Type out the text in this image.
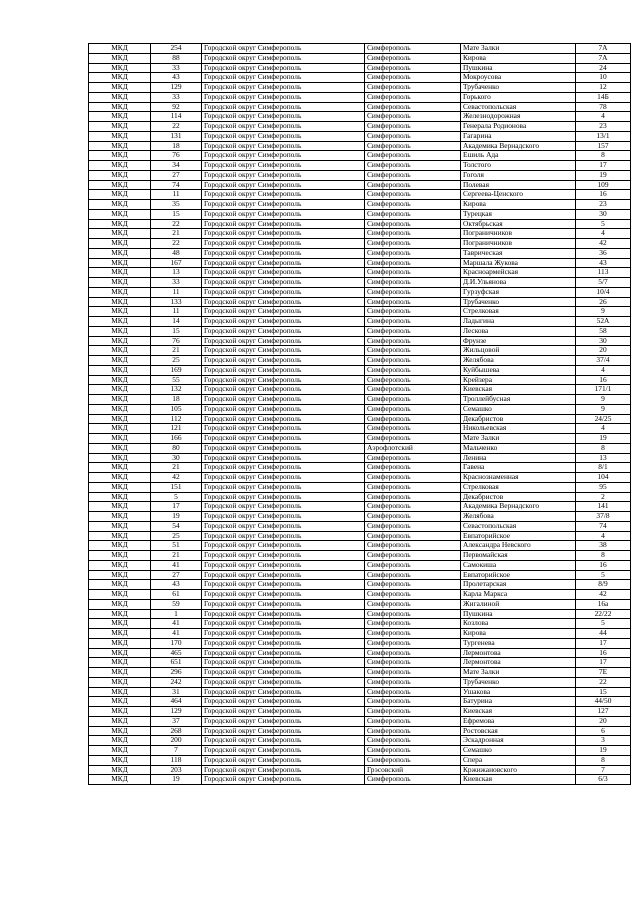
МКД	254	Городской округ Симферополь	Симферополь	Мате Залки	7А
МКД	88	Городской округ Симферополь	Симферополь	Кирова	7А
МКД	33	Городской округ Симферополь	Симферополь	Пушкина	24
МКД	43	Городской округ Симферополь	Симферополь	Мокроусова	10
МКД	129	Городской округ Симферополь	Симферополь	Трубаченко	12
МКД	33	Городской округ Симферополь	Симферополь	Горького	14Б
МКД	92	Городской округ Симферополь	Симферополь	Севастопольская	78
МКД	114	Городской округ Симферополь	Симферополь	Железнодорожная	4
МКД	22	Городской округ Симферополь	Симферополь	Генерала Родионова	23
МКД	131	Городской округ Симферополь	Симферополь	Гагарина	13/1
МКД	18	Городской округ Симферополь	Симферополь	Академика Вернадского	157
МКД	76	Городской округ Симферополь	Симферополь	Ешиль Ада	8
МКД	34	Городской округ Симферополь	Симферополь	Толстого	17
МКД	27	Городской округ Симферополь	Симферополь	Гоголя	19
МКД	74	Городской округ Симферополь	Симферополь	Полевая	109
МКД	11	Городской округ Симферополь	Симферополь	Сергеева-Ценского	16
МКД	35	Городской округ Симферополь	Симферополь	Кирова	23
МКД	15	Городской округ Симферополь	Симферополь	Турецкая	30
МКД	22	Городской округ Симферополь	Симферополь	Октябрьская	5
МКД	21	Городской округ Симферополь	Симферополь	Пограничников	4
МКД	22	Городской округ Симферополь	Симферополь	Пограничников	42
МКД	48	Городской округ Симферополь	Симферополь	Таврическая	36
МКД	167	Городской округ Симферополь	Симферополь	Маршала Жукова	43
МКД	13	Городской округ Симферополь	Симферополь	Красноармейская	113
МКД	33	Городской округ Симферополь	Симферополь	Д.И.Ульянова	5/7
МКД	11	Городской округ Симферополь	Симферополь	Гурзуфская	10/4
МКД	133	Городской округ Симферополь	Симферополь	Трубаченко	26
МКД	11	Городской округ Симферополь	Симферополь	Стрелковая	9
МКД	14	Городской округ Симферополь	Симферополь	Ладыгина	52А
МКД	15	Городской округ Симферополь	Симферополь	Лескова	58
МКД	76	Городской округ Симферополь	Симферополь	Фрунзе	30
МКД	21	Городской округ Симферополь	Симферополь	Жильцовой	20
МКД	25	Городской округ Симферополь	Симферополь	Желябова	37/4
МКД	169	Городской округ Симферополь	Симферополь	Куйбышева	4
МКД	55	Городской округ Симферополь	Симферополь	Крейзера	16
МКД	132	Городской округ Симферополь	Симферополь	Киевская	171/1
МКД	18	Городской округ Симферополь	Симферополь	Троллейбусная	9
МКД	105	Городской округ Симферополь	Симферополь	Семашко	9
МКД	112	Городской округ Симферополь	Симферополь	Декабристов	24/25
МКД	121	Городской округ Симферополь	Симферополь	Никольевская	4
МКД	166	Городской округ Симферополь	Симферополь	Мате Залки	19
МКД	80	Городской округ Симферополь	Аэрофлотский	Мальченко	8
МКД	30	Городской округ Симферополь	Симферополь	Ленина	13
МКД	21	Городской округ Симферополь	Симферополь	Гавена	8/1
МКД	42	Городской округ Симферополь	Симферополь	Краснознаменная	104
МКД	151	Городской округ Симферополь	Симферополь	Стрелковая	95
МКД	5	Городской округ Симферополь	Симферополь	Декабристов	2
МКД	17	Городской округ Симферополь	Симферополь	Академика Вернадского	141
МКД	19	Городской округ Симферополь	Симферополь	Желябова	37/8
МКД	54	Городской округ Симферополь	Симферополь	Севастопольская	74
МКД	25	Городской округ Симферополь	Симферополь	Евпаторийское	4
МКД	51	Городской округ Симферополь	Симферополь	Александра Невского	38
МКД	21	Городской округ Симферополь	Симферополь	Первомайская	8
МКД	41	Городской округ Симферополь	Симферополь	Самокиша	16
МКД	27	Городской округ Симферополь	Симферополь	Евпаторийское	5
МКД	43	Городской округ Симферополь	Симферополь	Пролетарская	8/9
МКД	61	Городской округ Симферополь	Симферополь	Карла Маркса	42
МКД	59	Городской округ Симферополь	Симферополь	Жигалиной	16а
МКД	1	Городской округ Симферополь	Симферополь	Пушкина	22/22
МКД	41	Городской округ Симферополь	Симферополь	Козлова	5
МКД	41	Городской округ Симферополь	Симферополь	Кирова	44
МКД	170	Городской округ Симферополь	Симферополь	Тургенева	17
МКД	465	Городской округ Симферополь	Симферополь	Лермонтова	16
МКД	651	Городской округ Симферополь	Симферополь	Лермонтова	17
МКД	296	Городской округ Симферополь	Симферополь	Мате Залки	7Е
МКД	242	Городской округ Симферополь	Симферополь	Трубаченко	22
МКД	31	Городской округ Симферополь	Симферополь	Ушакова	15
МКД	464	Городской округ Симферополь	Симферополь	Батурина	44/50
МКД	129	Городской округ Симферополь	Симферополь	Киевская	127
МКД	37	Городской округ Симферополь	Симферополь	Ефремова	20
МКД	268	Городской округ Симферополь	Симферополь	Ростовская	6
МКД	200	Городской округ Симферополь	Симферополь	Эскадронная	3
МКД	7	Городской округ Симферополь	Симферополь	Семашко	19
МКД	118	Городской округ Симферополь	Симферополь	Спера	8
МКД	203	Городской округ Симферополь	Грэсовский	Кржижановского	7
МКД	19	Городской округ Симферополь	Симферополь	Киевская	6/3
